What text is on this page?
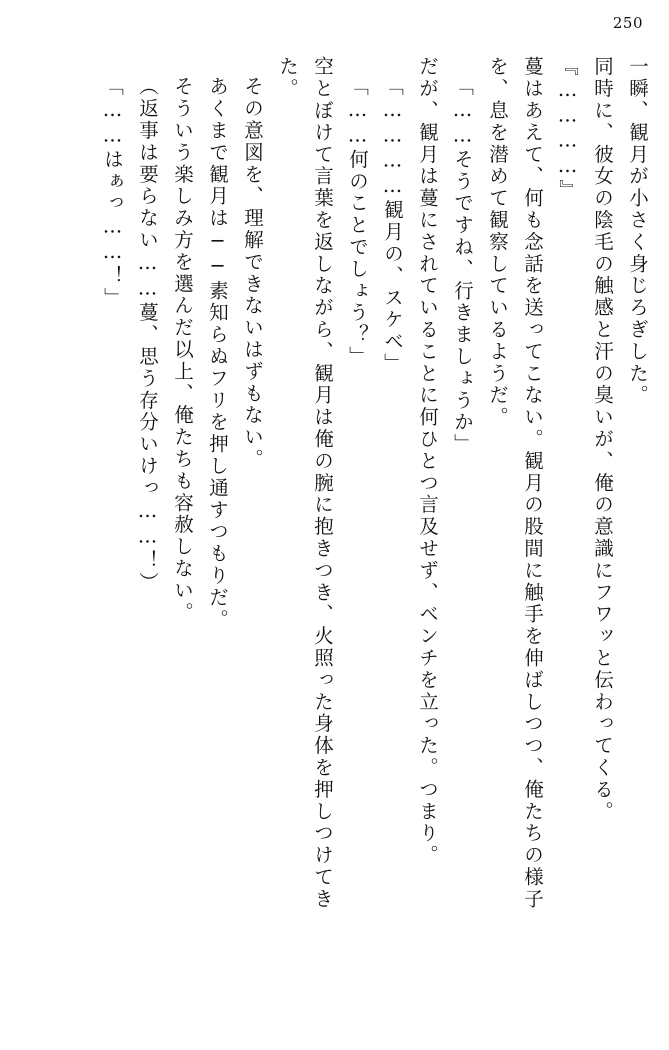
250
一瞬、観月が小さく身じろぎした。
同時に、彼女の陰毛の触感と汗の臭いが、俺の意識にフワッと伝わってくる。
『…………』
蔓はあえて、何も念話を送ってこない。観月の股間に触手を伸ばしつつ、俺たちの様子
を、息を潜めて観察しているようだ。
「……そうですね、行きましょうか」
だが、観月は蔓にされていることに何ひとつ言及せず、ベンチを立った。つまり。
「…………観月の、スケベ」
「……何のことでしょう？」
空とぼけて言葉を返しながら、観月は俺の腕に抱きつき、火照った身体を押しつけてき
た。
その意図を、理解できないはずもない。
あくまで観月は──素知らぬフリを押し通すつもりだ。
そういう楽しみ方を選んだ以上、俺たちも容赦しない。
（返事は要らない……蔓、思う存分いけっ……！）
「……はぁっ……！」
